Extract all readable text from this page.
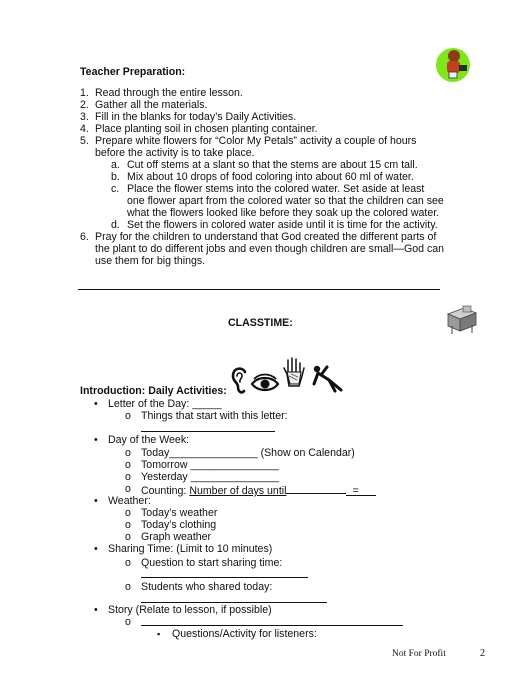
Teacher Preparation:
1. Read through the entire lesson.
2. Gather all the materials.
3. Fill in the blanks for today’s Daily Activities.
4. Place planting soil in chosen planting container.
5. Prepare white flowers for “Color My Petals” activity a couple of hours
before the activity is to take place.
a. Cut off stems at a slant so that the stems are about 15 cm tall.
b. Mix about 10 drops of food coloring into about 60 ml of water.
c. Place the flower stems into the colored water. Set aside at least
one flower apart from the colored water so that the children can see
what the flowers looked like before they soak up the colored water.
d. Set the flowers in colored water aside until it is time for the activity.
6. Pray for the children to understand that God created the different parts of
the plant to do different jobs and even though children are small—God can
use them for big things.
CLASSTIME:
Introduction: Daily Activities:
• Letter of the Day: _____
o Things that start with this letter:
• Day of the Week:
o Today_______________ (Show on Calendar)
o Tomorrow _______________
o Yesterday _______________
o Counting: Number of days until	=
• Weather:
o Today’s weather
o Today’s clothing
o Graph weather
• Sharing Time: (Limit to 10 minutes)
o Question to start sharing time:
o Students who shared today:
• Story (Relate to lesson, if possible)
o
▪ Questions/Activity for listeners:
Not For Profit	2
